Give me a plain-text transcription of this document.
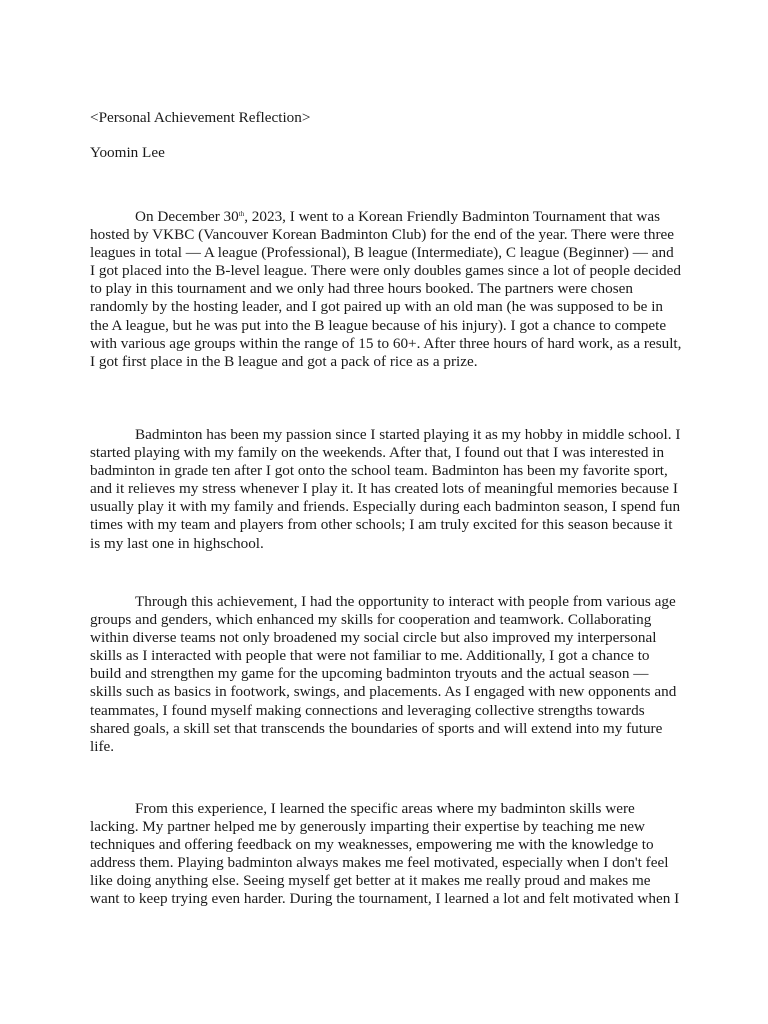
<Personal Achievement Reflection>
Yoomin Lee
On December 30th, 2023, I went to a Korean Friendly Badminton Tournament that was
hosted by VKBC (Vancouver Korean Badminton Club) for the end of the year. There were three
leagues in total — A league (Professional), B league (Intermediate), C league (Beginner) — and
I got placed into the B-level league. There were only doubles games since a lot of people decided
to play in this tournament and we only had three hours booked. The partners were chosen
randomly by the hosting leader, and I got paired up with an old man (he was supposed to be in
the A league, but he was put into the B league because of his injury). I got a chance to compete
with various age groups within the range of 15 to 60+. After three hours of hard work, as a result,
I got first place in the B league and got a pack of rice as a prize.
Badminton has been my passion since I started playing it as my hobby in middle school. I
started playing with my family on the weekends. After that, I found out that I was interested in
badminton in grade ten after I got onto the school team. Badminton has been my favorite sport,
and it relieves my stress whenever I play it. It has created lots of meaningful memories because I
usually play it with my family and friends. Especially during each badminton season, I spend fun
times with my team and players from other schools; I am truly excited for this season because it
is my last one in highschool.
Through this achievement, I had the opportunity to interact with people from various age
groups and genders, which enhanced my skills for cooperation and teamwork. Collaborating
within diverse teams not only broadened my social circle but also improved my interpersonal
skills as I interacted with people that were not familiar to me. Additionally, I got a chance to
build and strengthen my game for the upcoming badminton tryouts and the actual season —
skills such as basics in footwork, swings, and placements. As I engaged with new opponents and
teammates, I found myself making connections and leveraging collective strengths towards
shared goals, a skill set that transcends the boundaries of sports and will extend into my future
life.
From this experience, I learned the specific areas where my badminton skills were
lacking. My partner helped me by generously imparting their expertise by teaching me new
techniques and offering feedback on my weaknesses, empowering me with the knowledge to
address them. Playing badminton always makes me feel motivated, especially when I don't feel
like doing anything else. Seeing myself get better at it makes me really proud and makes me
want to keep trying even harder. During the tournament, I learned a lot and felt motivated when I
